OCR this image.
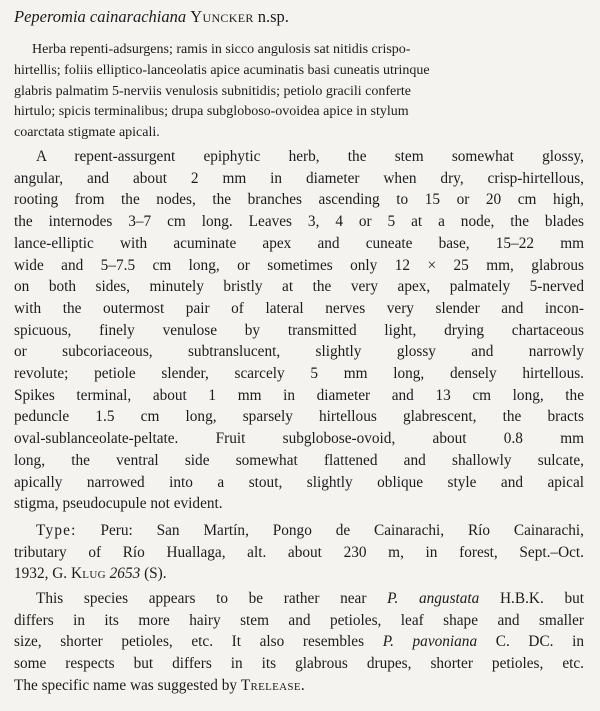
Peperomia cainarachiana Yuncker n.sp.
Herba repenti-adsurgens; ramis in sicco angulosis sat nitidis crispo-
hirtellis; foliis elliptico-lanceolatis apice acuminatis basi cuneatis utrinque
glabris palmatim 5-nerviis venulosis subnitidis; petiolo gracili conferte
hirtulo; spicis terminalibus; drupa subgloboso-ovoidea apice in stylum
coarctata stigmate apicali.
A repent-assurgent epiphytic herb, the stem somewhat glossy,
angular, and about 2 mm in diameter when dry, crisp-hirtellous,
rooting from the nodes, the branches ascending to 15 or 20 cm high,
the internodes 3–7 cm long. Leaves 3, 4 or 5 at a node, the blades
lance-elliptic with acuminate apex and cuneate base, 15–22 mm
wide and 5–7.5 cm long, or sometimes only 12 × 25 mm, glabrous
on both sides, minutely bristly at the very apex, palmately 5-nerved
with the outermost pair of lateral nerves very slender and incon-
spicuous, finely venulose by transmitted light, drying chartaceous
or subcoriaceous, subtranslucent, slightly glossy and narrowly
revolute; petiole slender, scarcely 5 mm long, densely hirtellous.
Spikes terminal, about 1 mm in diameter and 13 cm long, the
peduncle 1.5 cm long, sparsely hirtellous glabrescent, the bracts
oval-sublanceolate-peltate. Fruit subglobose-ovoid, about 0.8 mm
long, the ventral side somewhat flattened and shallowly sulcate,
apically narrowed into a stout, slightly oblique style and apical
stigma, pseudocupule not evident.
Type: Peru: San Martín, Pongo de Cainarachi, Río Cainarachi,
tributary of Río Huallaga, alt. about 230 m, in forest, Sept.–Oct.
1932, G. Klug 2653 (S).
This species appears to be rather near P. angustata H.B.K. but
differs in its more hairy stem and petioles, leaf shape and smaller
size, shorter petioles, etc. It also resembles P. pavoniana C. DC. in
some respects but differs in its glabrous drupes, shorter petioles, etc.
The specific name was suggested by Trelease.
